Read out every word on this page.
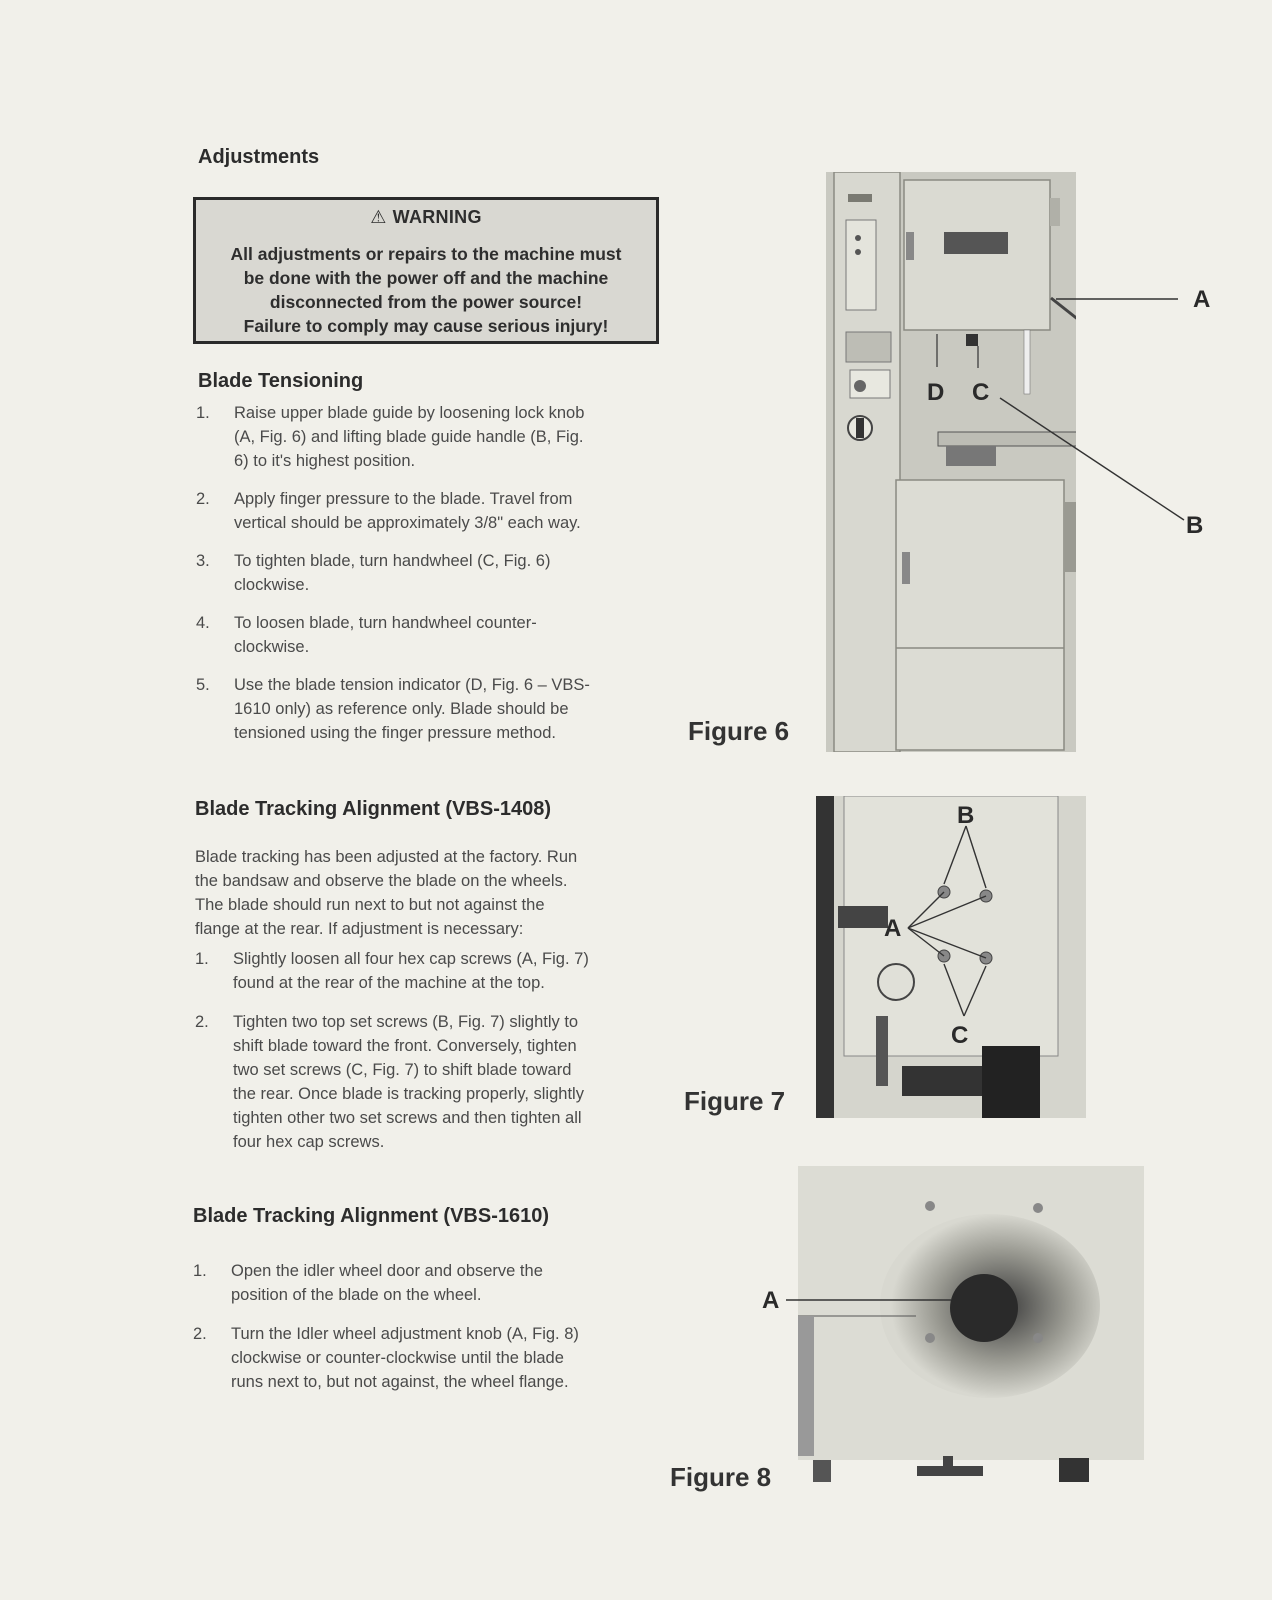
Adjustments
⚠ WARNING
All adjustments or repairs to the machine must
be done with the power off and the machine
disconnected from the power source!
Failure to comply may cause serious injury!
Blade Tensioning
1. Raise upper blade guide by loosening lock knob
(A, Fig. 6) and lifting blade guide handle (B, Fig.
6) to it's highest position.
2. Apply finger pressure to the blade. Travel from
vertical should be approximately 3/8" each way.
3. To tighten blade, turn handwheel (C, Fig. 6)
clockwise.
4. To loosen blade, turn handwheel counter-
clockwise.
5. Use the blade tension indicator (D, Fig. 6 – VBS-
1610 only) as reference only. Blade should be
tensioned using the finger pressure method.
Blade Tracking Alignment (VBS-1408)
Blade tracking has been adjusted at the factory. Run
the bandsaw and observe the blade on the wheels.
The blade should run next to but not against the
flange at the rear. If adjustment is necessary:
1. Slightly loosen all four hex cap screws (A, Fig. 7)
found at the rear of the machine at the top.
2. Tighten two top set screws (B, Fig. 7) slightly to
shift blade toward the front. Conversely, tighten
two set screws (C, Fig. 7) to shift blade toward
the rear. Once blade is tracking properly, slightly
tighten other two set screws and then tighten all
four hex cap screws.
Blade Tracking Alignment (VBS-1610)
1. Open the idler wheel door and observe the
position of the blade on the wheel.
2. Turn the Idler wheel adjustment knob (A, Fig. 8)
clockwise or counter-clockwise until the blade
runs next to, but not against, the wheel flange.
A
B
C
D
Figure 6
B
A
C
Figure 7
A
Figure 8
